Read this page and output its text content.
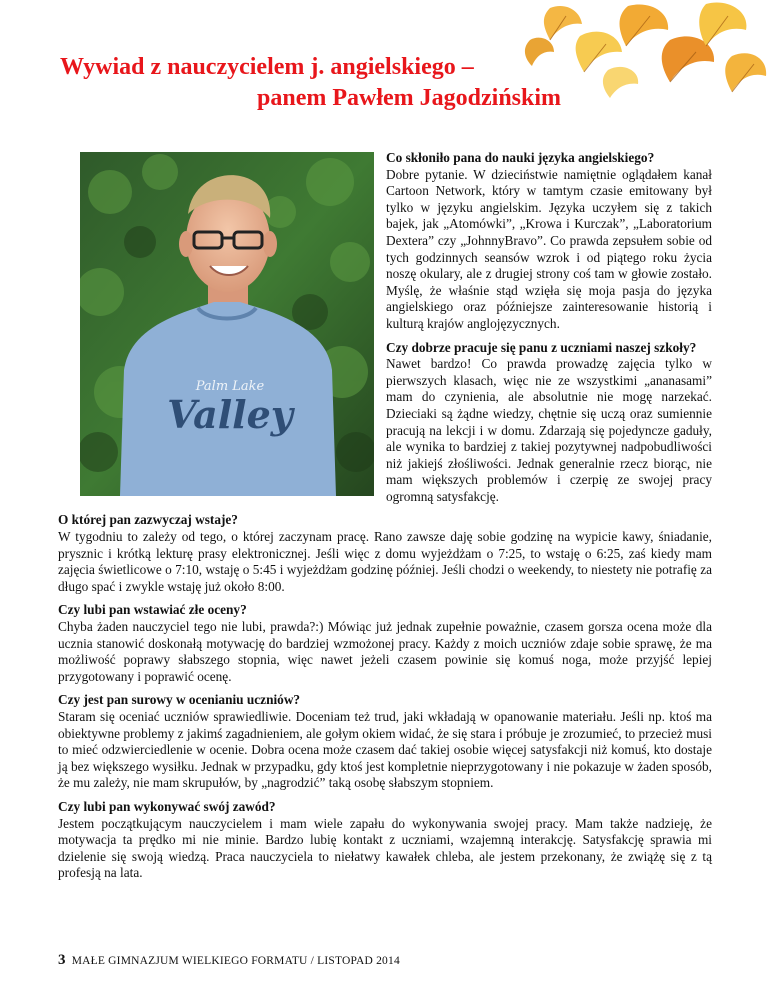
Wywiad z nauczycielem j. angielskiego –
panem Pawłem Jagodzińskim
Palm Lake
Valley

Co skłoniło pana do nauki języka angielskiego?

Dobre pytanie. W dzieciństwie namiętnie oglądałem kanał Cartoon Network, który w tamtym czasie emitowany był tylko w języku angielskim. Języka uczyłem się z takich bajek, jak „Atomówki”, „Krowa i Kurczak”, „Laboratorium Dextera” czy „JohnnyBravo”. Co prawda zepsułem sobie od tych godzinnych seansów wzrok i od piątego roku życia noszę okulary, ale z drugiej strony coś tam w głowie zostało. Myślę, że właśnie stąd wzięła się moja pasja do języka angielskiego oraz późniejsze zainteresowanie historią i kulturą krajów anglojęzycznych.

Czy dobrze pracuje się panu z uczniami naszej szkoły?

Nawet bardzo! Co prawda prowadzę zajęcia tylko w pierwszych klasach, więc nie ze wszystkimi „ananasami” mam do czynienia, ale absolutnie nie mogę narzekać. Dzieciaki są żądne wiedzy, chętnie się uczą oraz sumiennie pracują na lekcji i w domu. Zdarzają się pojedyncze gaduły, ale wynika to bardziej z takiej pozytywnej nadpobudliwości niż jakiejś złośliwości. Jednak generalnie rzecz biorąc, nie mam większych problemów i czerpię ze swojej pracy ogromną satysfakcję.

O której pan zazwyczaj wstaje?

W tygodniu to zależy od tego, o której zaczynam pracę. Rano zawsze daję sobie godzinę na wypicie kawy, śniadanie, prysznic i krótką lekturę prasy elektronicznej. Jeśli więc z domu wyjeżdżam o 7:25, to wstaję o 6:25, zaś kiedy mam zajęcia świetlicowe o 7:10, wstaję o 5:45 i wyjeżdżam godzinę później. Jeśli chodzi o weekendy, to niestety nie potrafię za długo spać i zwykle wstaję już około 8:00.

Czy lubi pan wstawiać złe oceny?

Chyba żaden nauczyciel tego nie lubi, prawda?:) Mówiąc już jednak zupełnie poważnie, czasem gorsza ocena może dla ucznia stanowić doskonałą motywację do bardziej wzmożonej pracy. Każdy z moich uczniów zdaje sobie sprawę, że ma możliwość poprawy słabszego stopnia, więc nawet jeżeli czasem powinie się komuś noga, może przyjść lepiej przygotowany i poprawić ocenę.

Czy jest pan surowy w ocenianiu uczniów?

Staram się oceniać uczniów sprawiedliwie. Doceniam też trud, jaki wkładają w opanowanie materiału. Jeśli np. ktoś ma obiektywne problemy z jakimś zagadnieniem, ale gołym okiem widać, że się stara i próbuje je zrozumieć, to przecież musi to mieć odzwierciedlenie w ocenie. Dobra ocena może czasem dać takiej osobie więcej satysfakcji niż komuś, kto dostaje ją bez większego wysiłku. Jednak w przypadku, gdy ktoś jest kompletnie nieprzygotowany i nie pokazuje w żaden sposób, że mu zależy, nie mam skrupułów, by „nagrodzić” taką osobę słabszym stopniem.

Czy lubi pan wykonywać swój zawód?

Jestem początkującym nauczycielem i mam wiele zapału do wykonywania swojej pracy. Mam także nadzieję, że motywacja ta prędko mi nie minie. Bardzo lubię kontakt z uczniami, wzajemną interakcję. Satysfakcję sprawia mi dzielenie się swoją wiedzą. Praca nauczyciela to niełatwy kawałek chleba, ale jestem przekonany, że zwiążę się z tą profesją na lata.

3 MAŁE GIMNAZJUM WIELKIEGO FORMATU / LISTOPAD 2014
